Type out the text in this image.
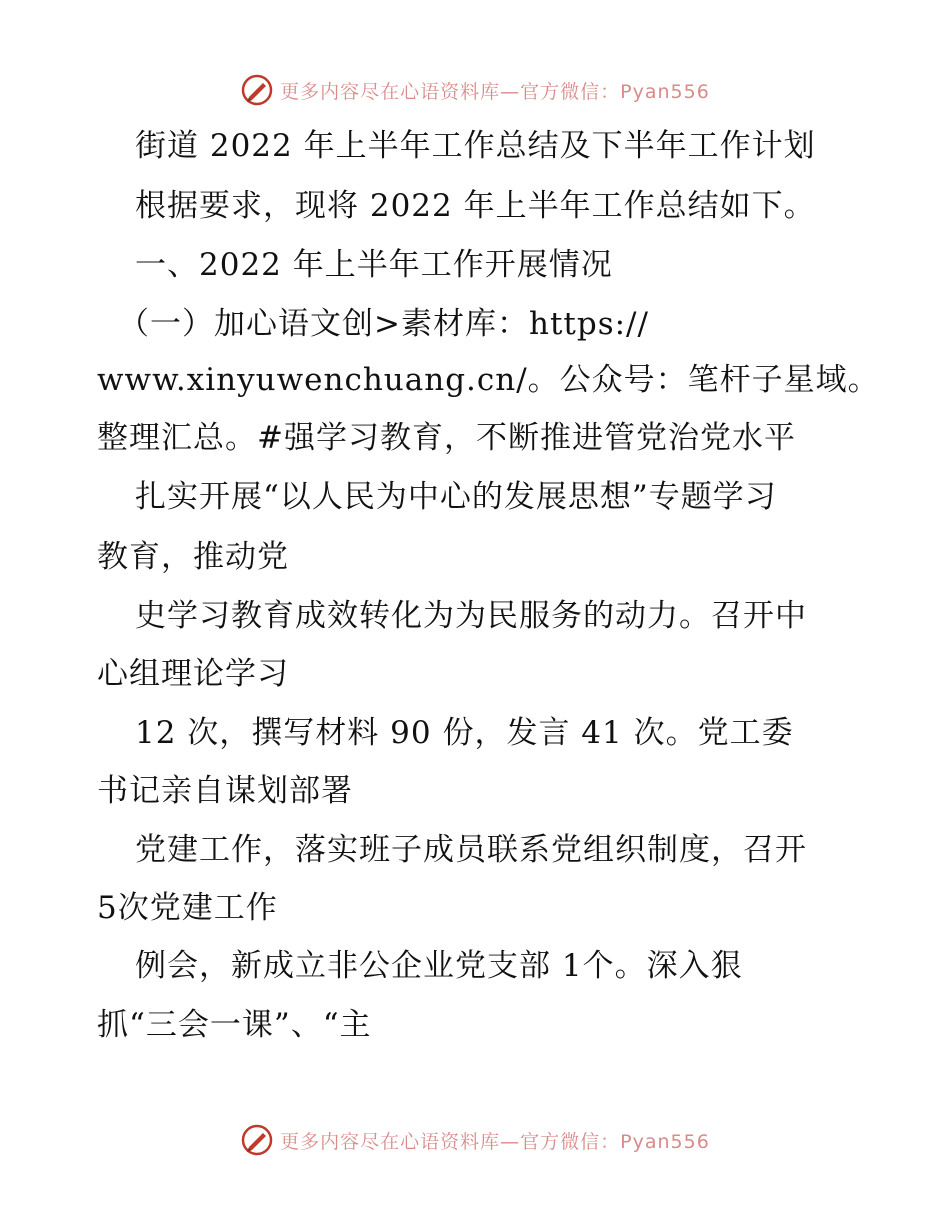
更多内容尽在心语资料库—官方微信：Pyan556
街道 2022 年上半年工作总结及下半年工作计划
根据要求，现将 2022 年上半年工作总结如下。
一、2022 年上半年工作开展情况
（一）加心语文创>素材库：https://
www.xinyuwenchuang.cn/。公众号：笔杆子星域。
整理汇总。#强学习教育，不断推进管党治党水平
扎实开展“以人民为中心的发展思想”专题学习
教育，推动党
史学习教育成效转化为为民服务的动力。召开中
心组理论学习
12 次，撰写材料 90 份，发言 41 次。党工委
书记亲自谋划部署
党建工作，落实班子成员联系党组织制度，召开
5次党建工作
例会，新成立非公企业党支部 1个。深入狠
抓“三会一课”、“主
更多内容尽在心语资料库—官方微信：Pyan556
